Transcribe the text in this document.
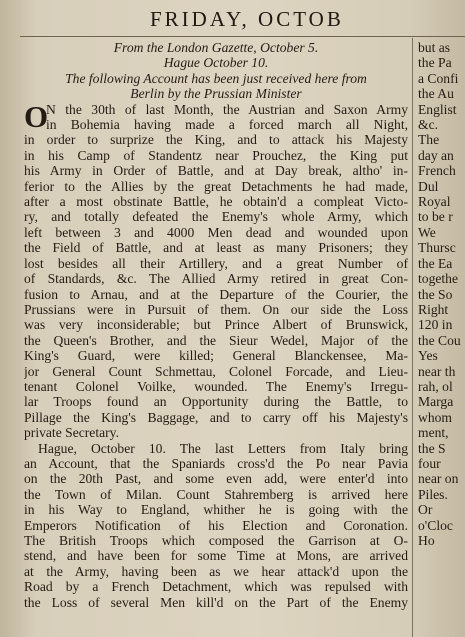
FRIDAY, OCTOB
From the London Gazette, October 5.
Hague October 10.
The following Account has been just received here from
Berlin by the Prussian Minister
O
N the 30th of last Month, the Austrian and Saxon Army
in Bohemia having made a forced march all Night,
in order to surprize the King, and to attack his Majesty
in his Camp of Standentz near Prouchez, the King put
his Army in Order of Battle, and at Day break, altho' in-
ferior to the Allies by the great Detachments he had made,
after a most obstinate Battle, he obtain'd a compleat Victo-
ry, and totally defeated the Enemy's whole Army, which
left between 3 and 4000 Men dead and wounded upon
the Field of Battle, and at least as many Prisoners; they
lost besides all their Artillery, and a great Number of
of Standards, &c. The Allied Army retired in great Con-
fusion to Arnau, and at the Departure of the Courier, the
Prussians were in Pursuit of them. On our side the Loss
was very inconsiderable; but Prince Albert of Brunswick,
the Queen's Brother, and the Sieur Wedel, Major of the
King's Guard, were killed; General Blanckensee, Ma-
jor General Count Schmettau, Colonel Forcade, and Lieu-
tenant Colonel Voilke, wounded. The Enemy's Irregu-
lar Troops found an Opportunity during the Battle, to
Pillage the King's Baggage, and to carry off his Majesty's
private Secretary.
Hague, October 10. The last Letters from Italy bring
an Account, that the Spaniards cross'd the Po near Pavia
on the 20th Past, and some even add, were enter'd into
the Town of Milan. Count Stahremberg is arrived here
in his Way to England, whither he is going with the
Emperors Notification of his Election and Coronation.
The British Troops which composed the Garrison at O-
stend, and have been for some Time at Mons, are arrived
at the Army, having been as we hear attack'd upon the
Road by a French Detachment, which was repulsed with
the Loss of several Men kill'd on the Part of the Enemy
but as
the Pa
a Confi
the Au
Englist
&c.
The
day an
French
Dul
Royal
to be r
We
Thursc
the Ea
togethe
the So
Right
120 in
the Cou
Yes
near th
rah, ol
Marga
whom
ment,
the S
four
near on
Piles.
Or
o'Cloc
Ho
